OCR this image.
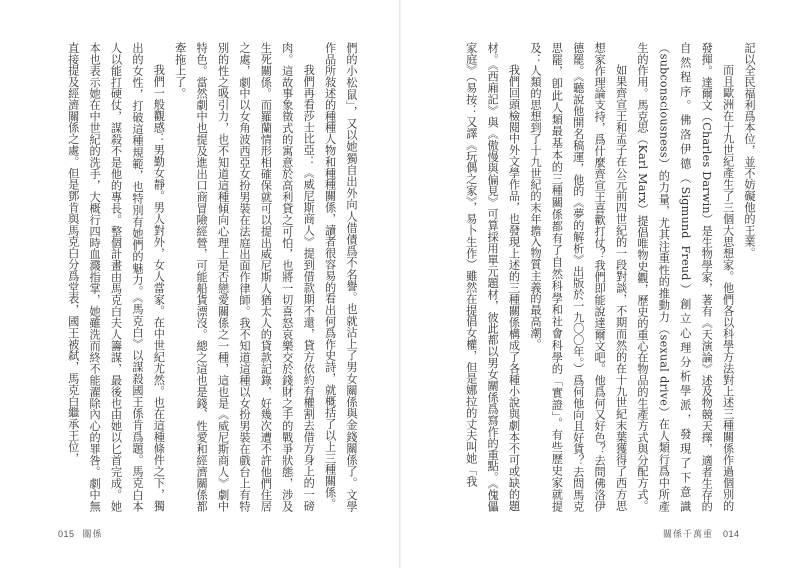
們的小松鼠」，又以她獨自出外向人借債爲不名譽。也就沾上了男女關係與金錢關係了。文學作品所敍述的種種人物和種種關係，讀者很容易的看出何爲作史詩，就概括了以上三種關係。

我們再看莎士比亞：《威尼斯商人》提到借款期不還，貸方依約有權割去借方身上的一磅肉。這故事象徵式的寓意於高利貸之可怕，也將一切喜怒哀樂交於錢財之手的戰爭狀態，涉及生死關係。而羅蘭情形相確保就可以提出威尼斯人猶太人的貸款記錄，好幾次遭不許他們住居之處，劇中以女角波西亞女扮男裝在法庭出面作律師。我不知道這種以女扮男裝在戲台上有特別的性之吸引力，也不知道這種傾向心理上是否戀愛關係之一種，這也是《威尼斯商人》劇中特色。當然劇中也提及進出口商冒險經營，可能船貨漂沒。總之這也是錢、性愛和經濟關係都牽拖上了。

我們一般觀感：男勤女靜。男人對外，女人當家。在中世紀尤然。也在這種條件之下，獨出的女性，打破這種規範，也特別有她們的魅力。《馬克白》以謀殺國王係肯爲題。馬克白本人以能打硬仗，謀殺不是他的專長。整個計畫由馬克白夫人籌謀，最後也由她以匕首完成。她本也表示她在中世紀的洗手，大概行四時血濺指掌，她雖洗而終不能濯除內心的罪咎。劇中無直接提及經濟關係之處。但是鄧肯與馬克白分爲堂表，國王被弑，馬克白繼承王位，

015 關係

記以全民福利爲本位，並不妨礙他的王業。

而且歐洲在十九世紀產生了三個大思想家。他們各以科學方法對上述三種關係作過個別的發揮。達爾文（Charles Darwin）是生物學家，著有《天演論》述及物競天擇，適者生存的自然程序。佛洛伊德（Sigmund Freud）創立心理分析學派，發現了下意識（subconsciousness）的力量，尤其注重性的推動力（sexual drive）在人類行爲中所產生的作用。馬克思（Karl Marx）提倡唯物史觀，歷史的重心在物品的生產方式與分配方式。

如果齊宣王和孟子在公元前四世紀的一段對談，不期而然的在十九世紀末葉獲得了西方思想家作理論支持，爲什麼齊宣王喜歡打仗？我們即能說達爾文吧。他爲何又好色？去問佛洛伊德罷。《聽說他開名稿運，他的《夢的解析》出版於一九〇〇年。）爲何他向且好貨？去問馬克思罷，卽此人類最基本的三種關係都有了自然科學和社會科學的「實證」。有些歷史家就提及：人類的思想到了十九世紀的末年擔入物質主義的最高潮。

我們回頭檢閱中外文學作品，也發現上述的三種關係構成了各種小說與劇本不可或缺的題材。《西廂記》與《傲慢與偏見》可算採用單元題材，彼此都以男女關係爲寫作的重點。《傀儡家庭》（易按：又譯《玩偶之家》，易卜生作）雖然在提倡女權，但是娜拉的丈夫叫她「我

關係千萬重 014
